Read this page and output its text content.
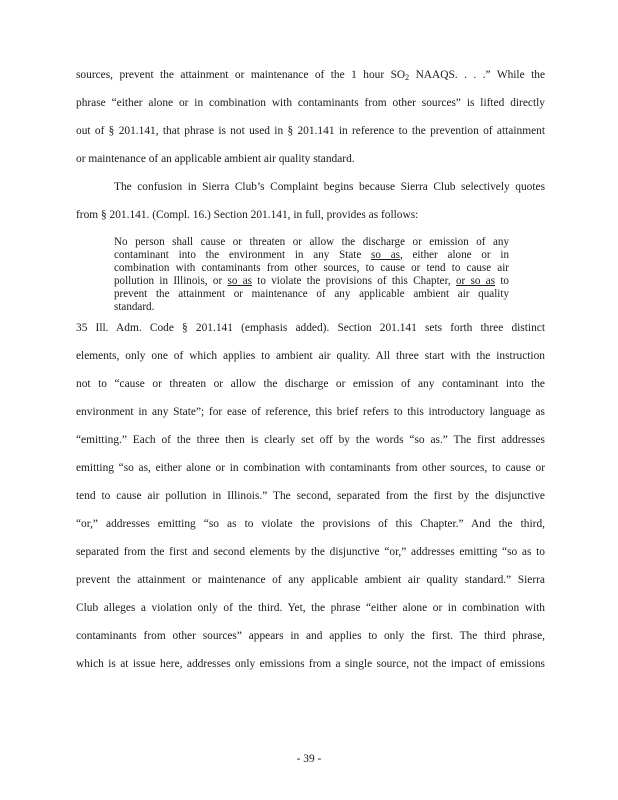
sources, prevent the attainment or maintenance of the 1 hour $SO_2$ NAAQS. . . .” While the
phrase “either alone or in combination with contaminants from other sources” is lifted directly
out of § 201.141, that phrase is not used in § 201.141 in reference to the prevention of attainment
or maintenance of an applicable ambient air quality standard.
The confusion in Sierra Club’s Complaint begins because Sierra Club selectively quotes
from § 201.141. (Compl. 16.) Section 201.141, in full, provides as follows:
No person shall cause or threaten or allow the discharge or emission of any
contaminant into the environment in any State so as, either alone or in
combination with contaminants from other sources, to cause or tend to cause air
pollution in Illinois, or so as to violate the provisions of this Chapter, or so as to
prevent the attainment or maintenance of any applicable ambient air quality
standard.
35 Ill. Adm. Code § 201.141 (emphasis added). Section 201.141 sets forth three distinct
elements, only one of which applies to ambient air quality. All three start with the instruction
not to “cause or threaten or allow the discharge or emission of any contaminant into the
environment in any State”; for ease of reference, this brief refers to this introductory language as
“emitting.” Each of the three then is clearly set off by the words “so as.” The first addresses
emitting “so as, either alone or in combination with contaminants from other sources, to cause or
tend to cause air pollution in Illinois.” The second, separated from the first by the disjunctive
“or,” addresses emitting “so as to violate the provisions of this Chapter.” And the third,
separated from the first and second elements by the disjunctive “or,” addresses emitting “so as to
prevent the attainment or maintenance of any applicable ambient air quality standard.” Sierra
Club alleges a violation only of the third. Yet, the phrase “either alone or in combination with
contaminants from other sources” appears in and applies to only the first. The third phrase,
which is at issue here, addresses only emissions from a single source, not the impact of emissions
- 39 -
